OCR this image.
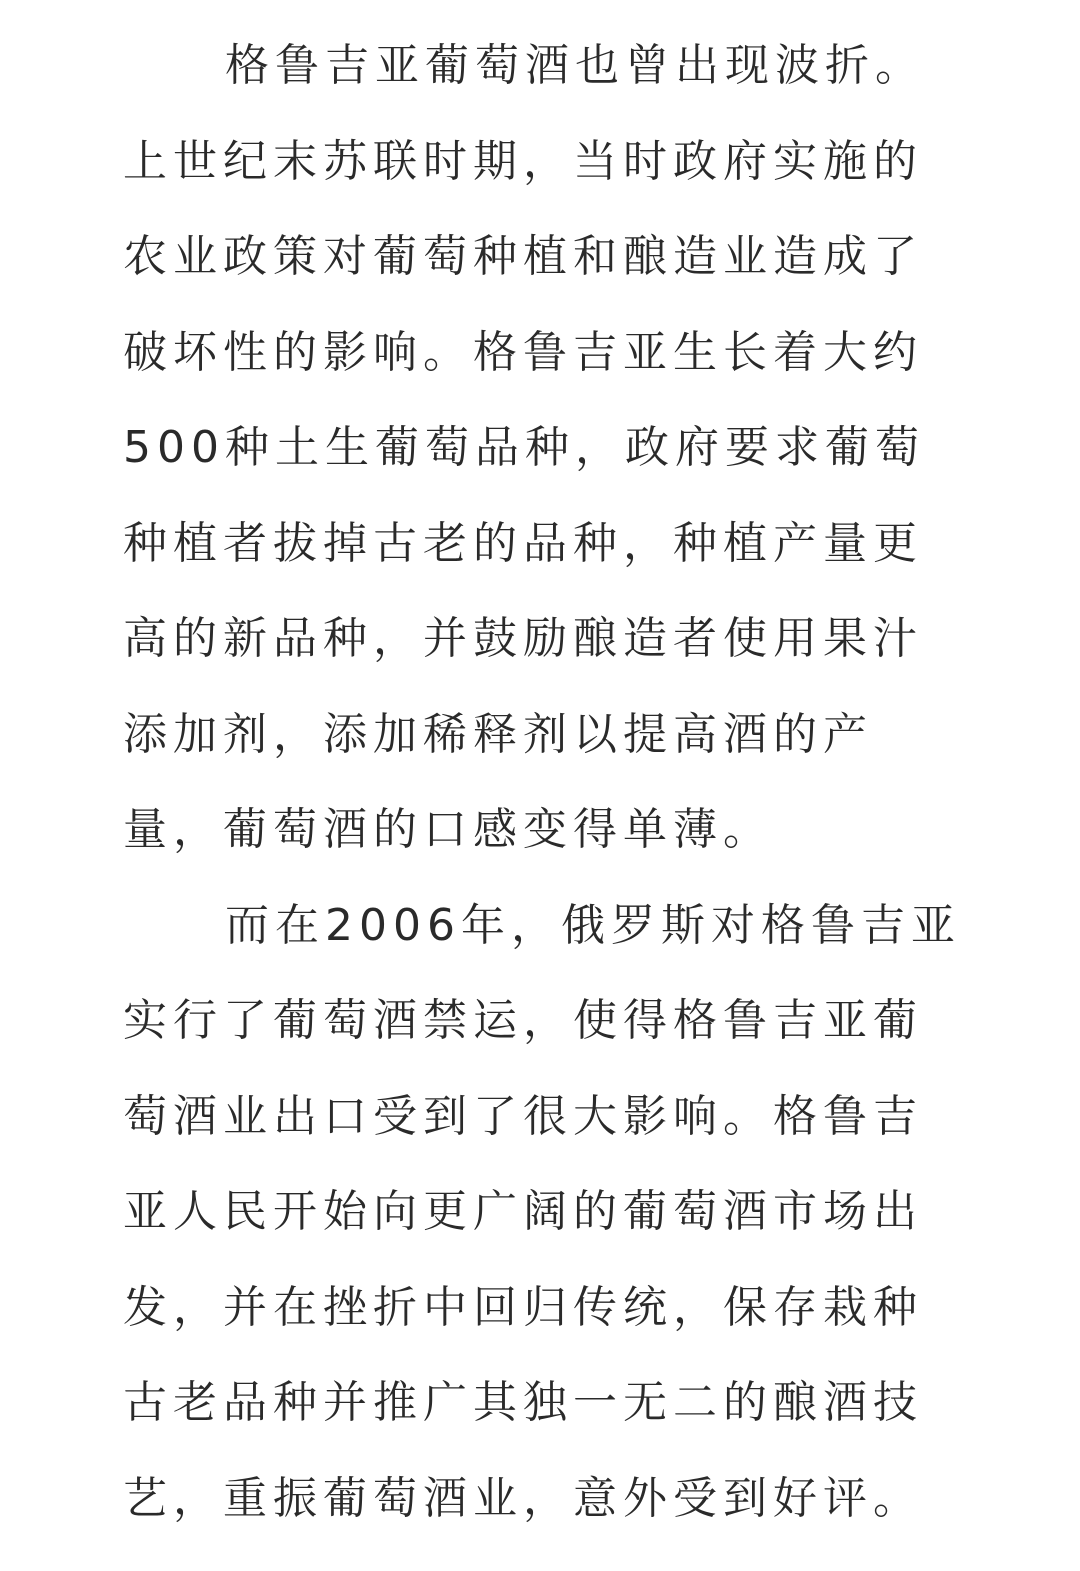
格鲁吉亚葡萄酒也曾出现波折。
上世纪末苏联时期，当时政府实施的
农业政策对葡萄种植和酿造业造成了
破坏性的影响。格鲁吉亚生长着大约
500种土生葡萄品种，政府要求葡萄
种植者拔掉古老的品种，种植产量更
高的新品种，并鼓励酿造者使用果汁
添加剂，添加稀释剂以提高酒的产
量，葡萄酒的口感变得单薄。
而在2006年，俄罗斯对格鲁吉亚
实行了葡萄酒禁运，使得格鲁吉亚葡
萄酒业出口受到了很大影响。格鲁吉
亚人民开始向更广阔的葡萄酒市场出
发，并在挫折中回归传统，保存栽种
古老品种并推广其独一无二的酿酒技
艺，重振葡萄酒业，意外受到好评。
